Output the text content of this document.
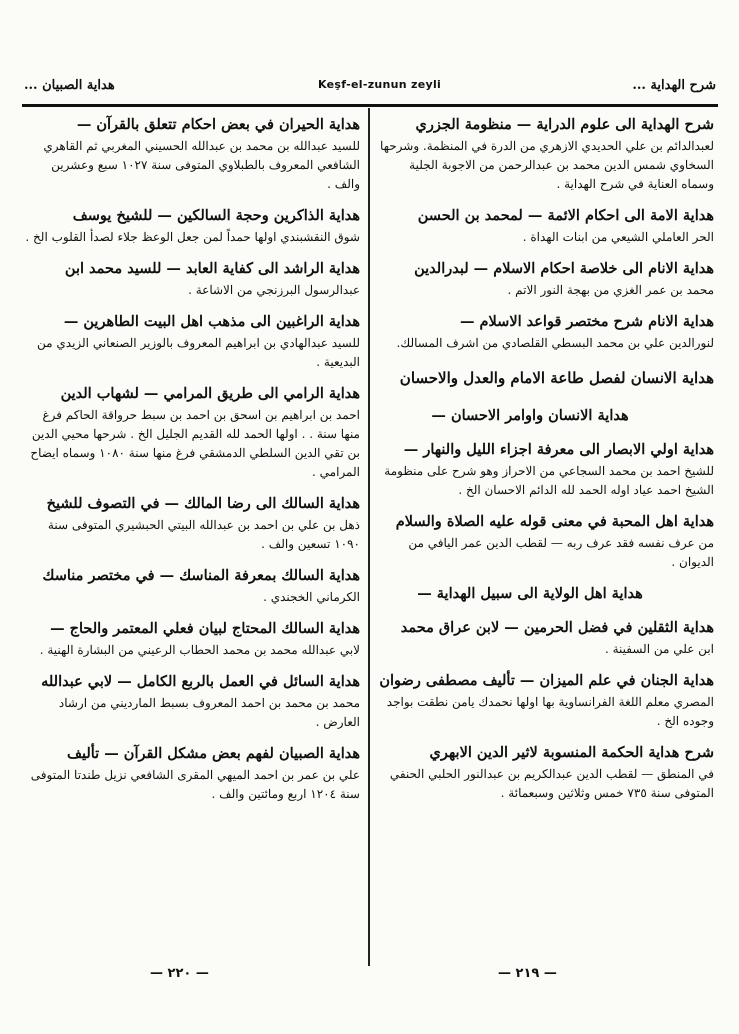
هداية الصبيان ...	Keşf-el-zunun zeyli	شرح الهداية ...
شرح الهداية الى علوم الدراية — منظومة الجزري
لعبدالدائم بن علي الحديدي الازهري من الدرة في المنظمة. وشرحها السخاوي شمس الدين محمد بن عبدالرحمن من الاجوبة الجلية وسماه العناية في شرح الهداية .
هداية الامة الى احكام الائمة — لمحمد بن الحسن
الحر العاملي الشيعي من ابنات الهداة .
هداية الانام الى خلاصة احكام الاسلام — لبدرالدين
محمد بن عمر الغزي من بهجة النور الاتم .
هداية الانام شرح مختصر قواعد الاسلام —
لنورالدين علي بن محمد البسطي القلصادي من اشرف المسالك.
هداية الانسان لفصل طاعة الامام والعدل والاحسان
هداية الانسان واوامر الاحسان —
هداية اولي الابصار الى معرفة اجزاء الليل والنهار —
للشيخ احمد بن محمد السجاعي من الاحراز وهو شرح على منظومة الشيخ احمد عياد اوله الحمد لله الدائم الاحسان الخ .
هداية اهل المحبة في معنى قوله عليه الصلاة والسلام
من عرف نفسه فقد عرف ربه — لقطب الدين عمر اليافي من الديوان .
هداية اهل الولاية الى سبيل الهداية —
هداية الثقلين في فضل الحرمين — لابن عراق محمد
ابن علي من السفينة .
هداية الجنان في علم الميزان — تأليف مصطفى رضوان
المصري معلم اللغة الفرانساوية بها اولها نحمدك يامن نطقت بواجد وجوده الخ .
شرح هداية الحكمة المنسوبة لاثير الدين الابهري
في المنطق — لقطب الدين عبدالكريم بن عبدالنور الحلبي الحنفي المتوفى سنة ٧٣٥ خمس وثلاثين وسبعمائة .
هداية الحيران في بعض احكام تتعلق بالقرآن —
للسيد عبدالله بن محمد بن عبدالله الحسيني المغربي ثم القاهري الشافعي المعروف بالطبلاوي المتوفى سنة ١٠٢٧ سبع وعشرين والف .
هداية الذاكرين وحجة السالكين — للشيخ يوسف
شوق النقشبندي اولها حمداً لمن جعل الوعظ جلاء لصدأ القلوب الخ .
هداية الراشد الى كفاية العابد — للسيد محمد ابن
عبدالرسول البرزنجي من الاشاعة .
هداية الراغبين الى مذهب اهل البيت الطاهرين —
للسيد عبدالهادي بن ابراهيم المعروف بالوزير الصنعاني الزيدي من البديعية .
هداية الرامي الى طريق المرامي — لشهاب الدين
احمد بن ابراهيم بن اسحق بن احمد بن سبط حرواقة الحاكم فرغ منها سنة . . اولها الحمد لله القديم الجليل الخ . شرحها محيي الدين بن تقي الدين السلطي الدمشقي فرغ منها سنة ١٠٨٠ وسماه ايضاح المرامي .
هداية السالك الى رضا المالك — في التصوف للشيخ
ذهل بن علي بن احمد بن عبدالله البيتي الحبشيري المتوفى سنة ١٠٩٠ تسعين والف .
هداية السالك بمعرفة المناسك — في مختصر مناسك
الكرماني الخجندي .
هداية السالك المحتاج لبيان فعلي المعتمر والحاج —
لابي عبدالله محمد بن محمد الحطاب الرعيني من البشارة الهنية .
هداية السائل في العمل بالربع الكامل — لابي عبدالله
محمد بن محمد بن احمد المعروف بسبط المارديني من ارشاد العارض .
هداية الصبيان لفهم بعض مشكل القرآن — تأليف
علي بن عمر بن احمد الميهي المقرى الشافعي نزيل طندتا المتوفى سنة ١٢٠٤ اربع ومائتين والف .
— ٢٢٠ —	— ٢١٩ —
